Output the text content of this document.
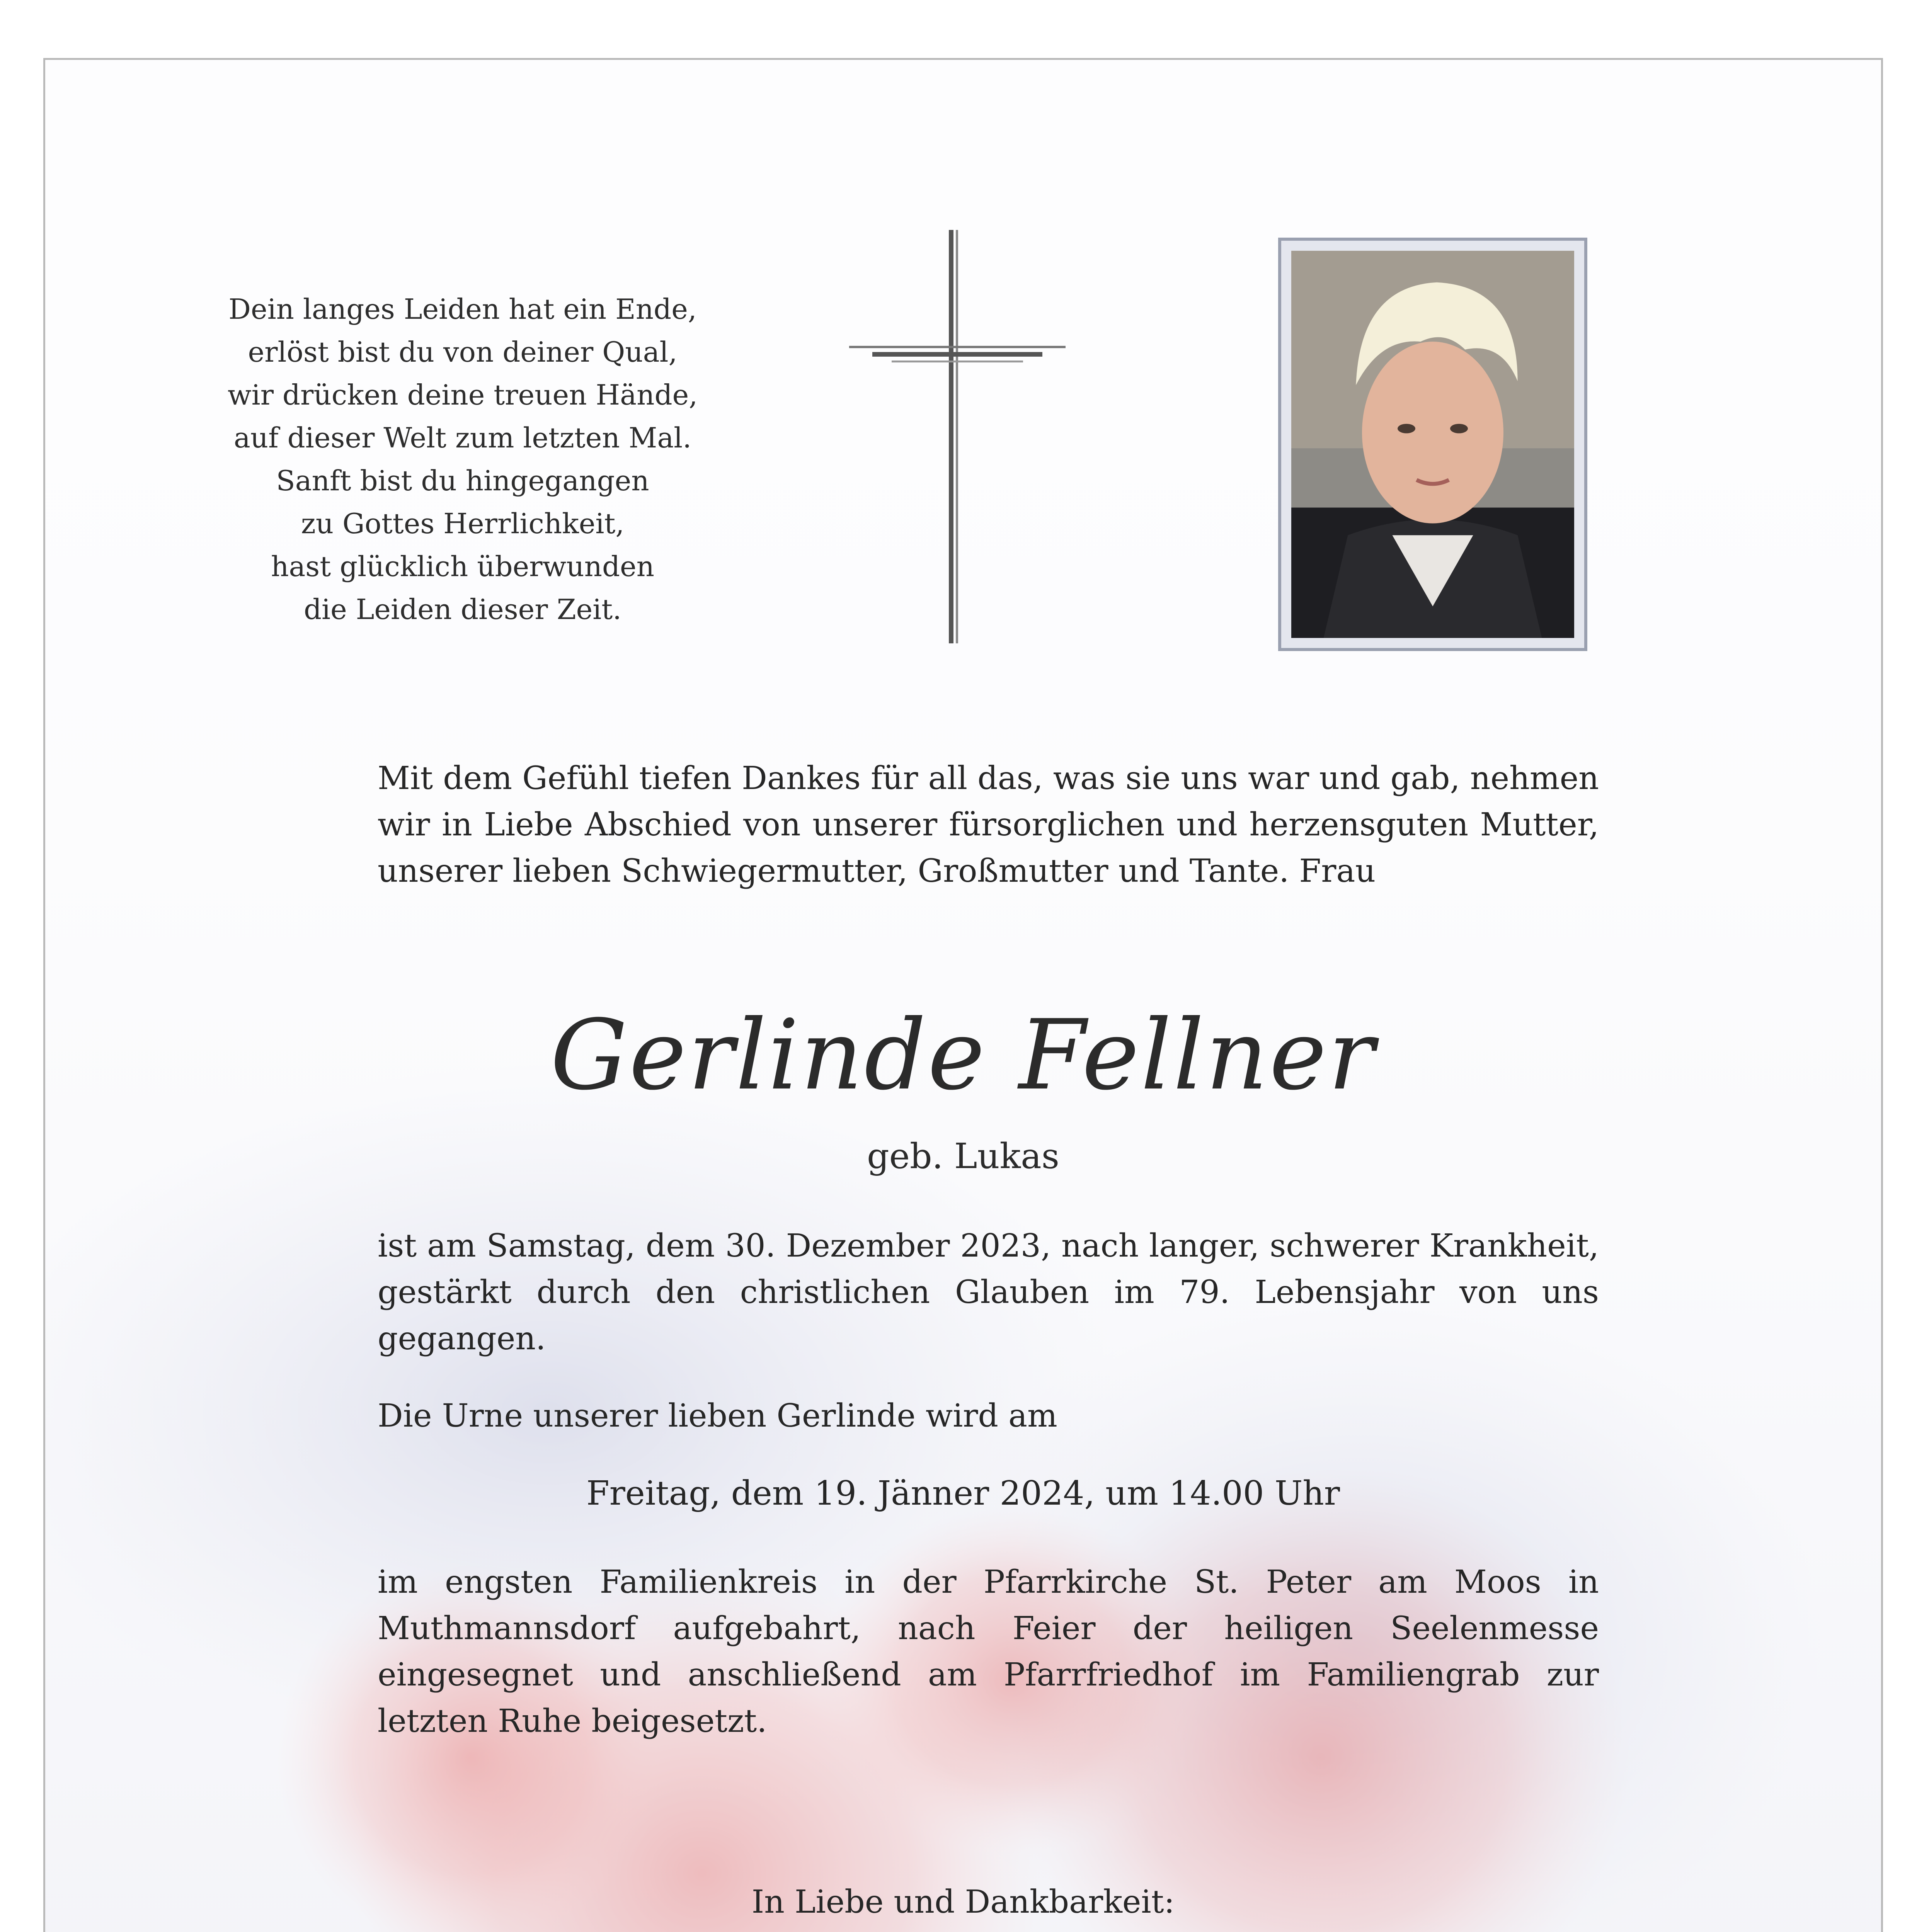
Dein langes Leiden hat ein Ende,
erlöst bist du von deiner Qual,
wir drücken deine treuen Hände,
auf dieser Welt zum letzten Mal.
Sanft bist du hingegangen
zu Gottes Herrlichkeit,
hast glücklich überwunden
die Leiden dieser Zeit.
Mit dem Gefühl tiefen Dankes für all das, was sie uns war und gab, nehmen wir in Liebe Abschied von unserer fürsorglichen und herzensguten Mutter, unserer lieben Schwiegermutter, Großmutter und Tante. Frau
Gerlinde Fellner
geb. Lukas
ist am Samstag, dem 30. Dezember 2023, nach langer, schwerer Krankheit, gestärkt durch den christlichen Glauben im 79. Lebensjahr von uns gegangen.
Die Urne unserer lieben Gerlinde wird am
Freitag, dem 19. Jänner 2024, um 14.00 Uhr
im engsten Familienkreis in der Pfarrkirche St. Peter am Moos in Muthmannsdorf aufgebahrt, nach Feier der heiligen Seelenmesse eingesegnet und anschließend am Pfarrfriedhof im Familiengrab zur letzten Ruhe beigesetzt.
In Liebe und Dankbarkeit:
